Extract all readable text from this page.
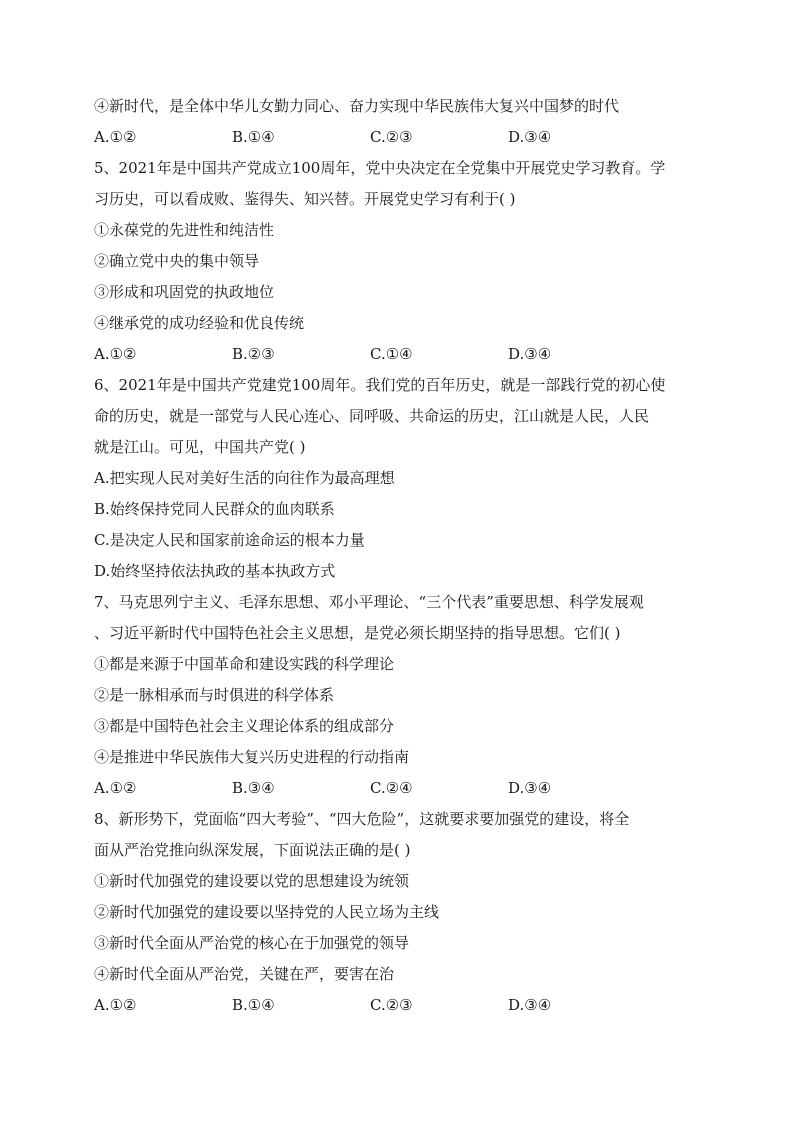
④新时代，是全体中华儿女勤力同心、奋力实现中华民族伟大复兴中国梦的时代
A.①②	B.①④	C.②③	D.③④
5、2021年是中国共产党成立100周年，党中央决定在全党集中开展党史学习教育。学
习历史，可以看成败、鉴得失、知兴替。开展党史学习有利于( )
①永葆党的先进性和纯洁性
②确立党中央的集中领导
③形成和巩固党的执政地位
④继承党的成功经验和优良传统
A.①②	B.②③	C.①④	D.③④
6、2021年是中国共产党建党100周年。我们党的百年历史，就是一部践行党的初心使
命的历史，就是一部党与人民心连心、同呼吸、共命运的历史，江山就是人民，人民
就是江山。可见，中国共产党( )
A.把实现人民对美好生活的向往作为最高理想
B.始终保持党同人民群众的血肉联系
C.是决定人民和国家前途命运的根本力量
D.始终坚持依法执政的基本执政方式
7、马克思列宁主义、毛泽东思想、邓小平理论、“三个代表”重要思想、科学发展观
、习近平新时代中国特色社会主义思想，是党必须长期坚持的指导思想。它们( )
①都是来源于中国革命和建设实践的科学理论
②是一脉相承而与时俱进的科学体系
③都是中国特色社会主义理论体系的组成部分
④是推进中华民族伟大复兴历史进程的行动指南
A.①②	B.③④	C.②④	D.③④
8、新形势下，党面临“四大考验”、“四大危险”，这就要求要加强党的建设，将全
面从严治党推向纵深发展，下面说法正确的是( )
①新时代加强党的建设要以党的思想建设为统领
②新时代加强党的建设要以坚持党的人民立场为主线
③新时代全面从严治党的核心在于加强党的领导
④新时代全面从严治党，关键在严，要害在治
A.①②	B.①④	C.②③	D.③④
